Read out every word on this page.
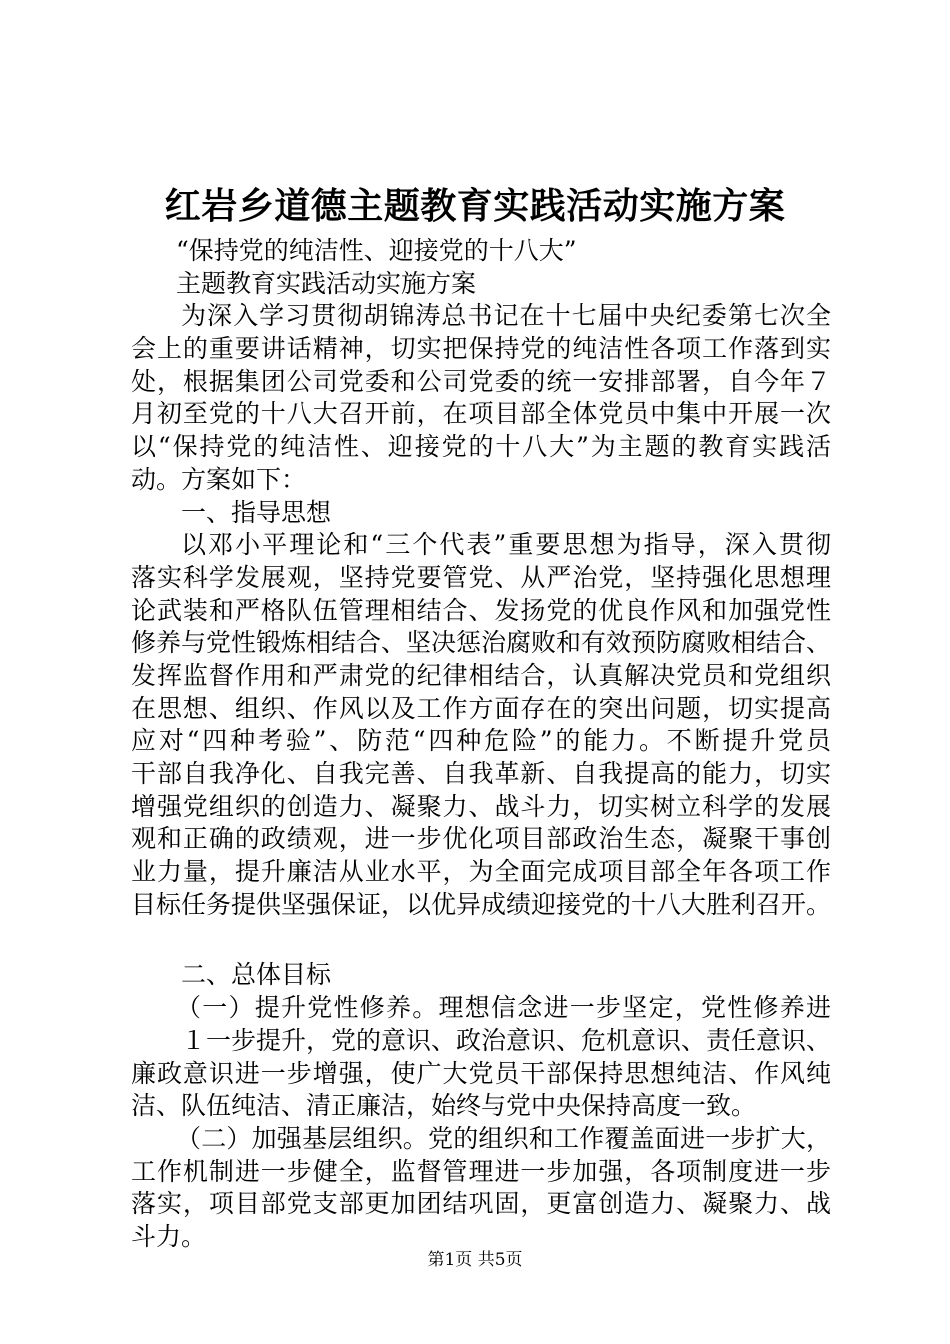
红岩乡道德主题教育实践活动实施方案
“保持党的纯洁性、迎接党的十八大”
主题教育实践活动实施方案
为深入学习贯彻胡锦涛总书记在十七届中央纪委第七次全
会上的重要讲话精神，切实把保持党的纯洁性各项工作落到实
处，根据集团公司党委和公司党委的统一安排部署，自今年７
月初至党的十八大召开前，在项目部全体党员中集中开展一次
以“保持党的纯洁性、迎接党的十八大”为主题的教育实践活
动。方案如下：
一、指导思想
以邓小平理论和“三个代表”重要思想为指导，深入贯彻
落实科学发展观，坚持党要管党、从严治党，坚持强化思想理
论武装和严格队伍管理相结合、发扬党的优良作风和加强党性
修养与党性锻炼相结合、坚决惩治腐败和有效预防腐败相结合、
发挥监督作用和严肃党的纪律相结合，认真解决党员和党组织
在思想、组织、作风以及工作方面存在的突出问题，切实提高
应对“四种考验”、防范“四种危险”的能力。不断提升党员
干部自我净化、自我完善、自我革新、自我提高的能力，切实
增强党组织的创造力、凝聚力、战斗力，切实树立科学的发展
观和正确的政绩观，进一步优化项目部政治生态，凝聚干事创
业力量，提升廉洁从业水平，为全面完成项目部全年各项工作
目标任务提供坚强保证，以优异成绩迎接党的十八大胜利召开。
二、总体目标
（一）提升党性修养。理想信念进一步坚定，党性修养进
１一步提升，党的意识、政治意识、危机意识、责任意识、
廉政意识进一步增强，使广大党员干部保持思想纯洁、作风纯
洁、队伍纯洁、清正廉洁，始终与党中央保持高度一致。
（二）加强基层组织。党的组织和工作覆盖面进一步扩大，
工作机制进一步健全，监督管理进一步加强，各项制度进一步
落实，项目部党支部更加团结巩固，更富创造力、凝聚力、战
斗力。
第1页 共5页
